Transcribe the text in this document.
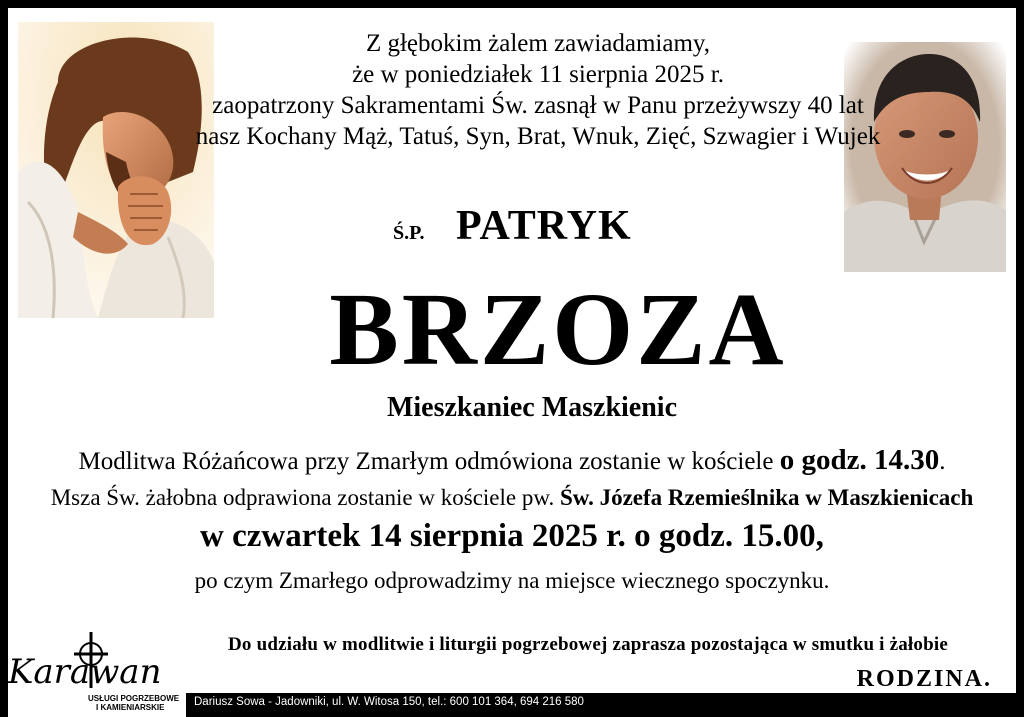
Z głębokim żalem zawiadamiamy,
że w poniedziałek 11 sierpnia 2025 r.
zaopatrzony Sakramentami Św. zasnął w Panu przeżywszy 40 lat
nasz Kochany Mąż, Tatuś, Syn, Brat, Wnuk, Zięć, Szwagier i Wujek
Ś.P. PATRYK
BRZOZA
Mieszkaniec Maszkienic
Modlitwa Różańcowa przy Zmarłym odmówiona zostanie w kościele o godz. 14.30.
Msza Św. żałobna odprawiona zostanie w kościele pw. Św. Józefa Rzemieślnika w Maszkienicach
w czwartek 14 sierpnia 2025 r. o godz. 15.00,
po czym Zmarłego odprowadzimy na miejsce wiecznego spoczynku.
Do udziału w modlitwie i liturgii pogrzebowej zaprasza pozostająca w smutku i żałobie
RODZINA.
Karawan
USŁUGI POGRZEBOWE
I KAMIENIARSKIE	Dariusz Sowa - Jadowniki, ul. W. Witosa 150, tel.: 600 101 364, 694 216 580
